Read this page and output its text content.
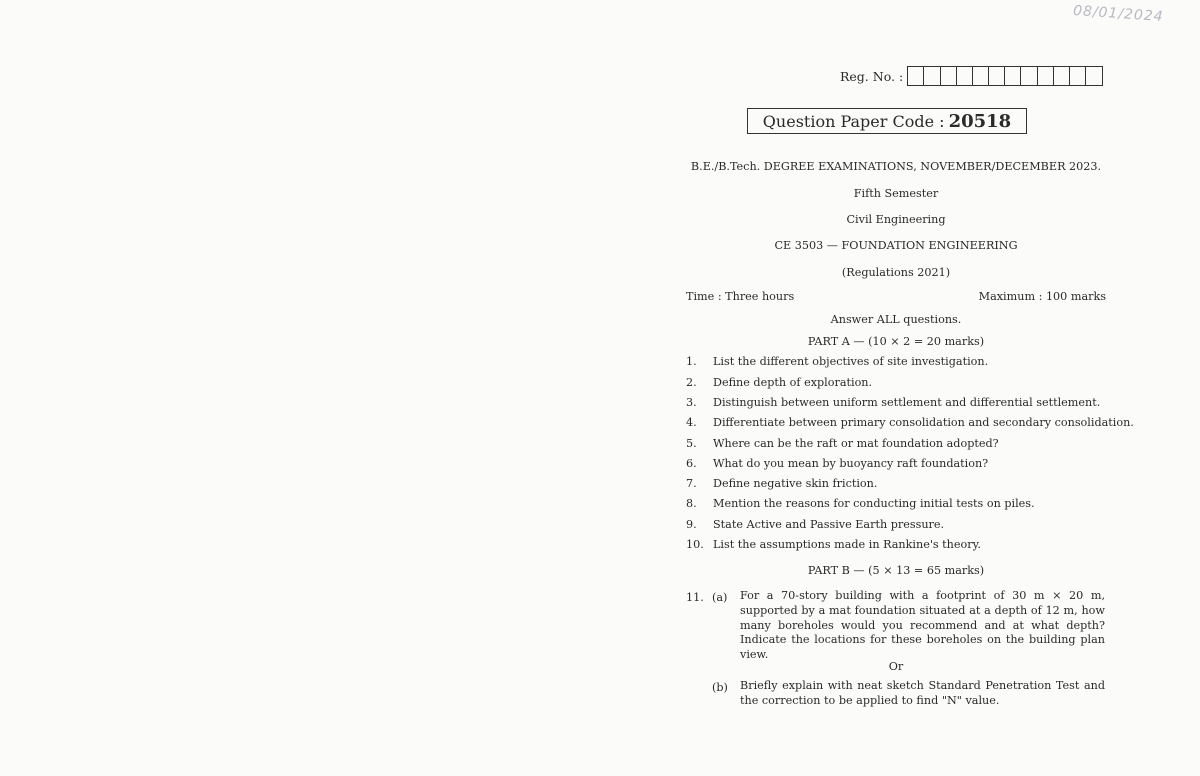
08/01/2024
Reg. No. :
Question Paper Code : 20518
B.E./B.Tech. DEGREE EXAMINATIONS, NOVEMBER/DECEMBER 2023.
Fifth Semester
Civil Engineering
CE 3503 — FOUNDATION ENGINEERING
(Regulations 2021)
Time : Three hours	Maximum : 100 marks
Answer ALL questions.
PART A — (10 × 2 = 20 marks)
1. List the different objectives of site investigation.
2. Define depth of exploration.
3. Distinguish between uniform settlement and differential settlement.
4. Differentiate between primary consolidation and secondary consolidation.
5. Where can be the raft or mat foundation adopted?
6. What do you mean by buoyancy raft foundation?
7. Define negative skin friction.
8. Mention the reasons for conducting initial tests on piles.
9. State Active and Passive Earth pressure.
10. List the assumptions made in Rankine's theory.
PART B — (5 × 13 = 65 marks)
11. (a) For a 70-story building with a footprint of 30 m × 20 m, supported by a mat foundation situated at a depth of 12 m, how many boreholes would you recommend and at what depth? Indicate the locations for these boreholes on the building plan view.
Or
(b) Briefly explain with neat sketch Standard Penetration Test and the correction to be applied to find "N" value.
